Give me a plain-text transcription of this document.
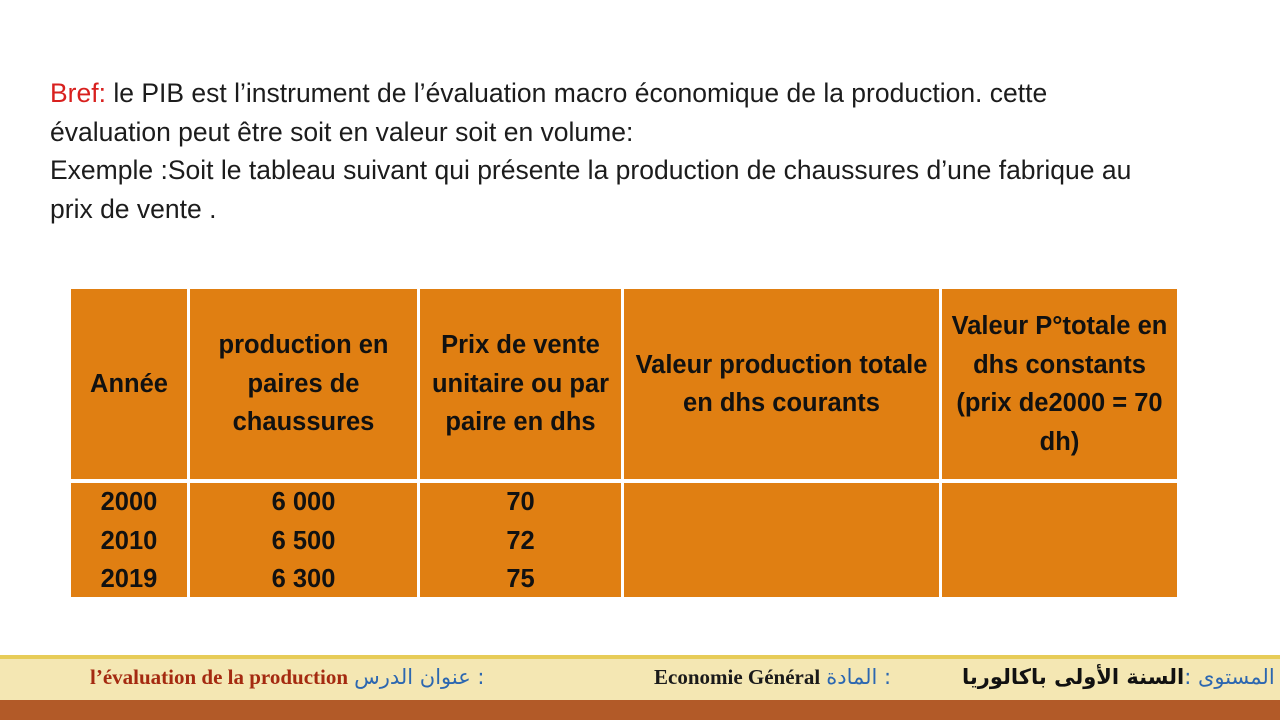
Bref: le PIB est l’instrument de l’évaluation macro économique de la production. cette

évaluation peut être soit en valeur soit en volume:

Exemple :Soit le tableau suivant qui présente la production de chaussures d’une fabrique au

prix de vente .

Année
production en paires de chaussures
Prix de vente unitaire ou par paire en dhs
Valeur production totale en dhs courants
Valeur P°totale en dhs constants (prix de2000 = 70 dh)
2000
2010
2019
6 000
6 500
6 300
70
72
75
l’évaluation de la production : عنوان الدرس	Economie Général : المادة	المستوى :
السنة الأولى باكالوريا
